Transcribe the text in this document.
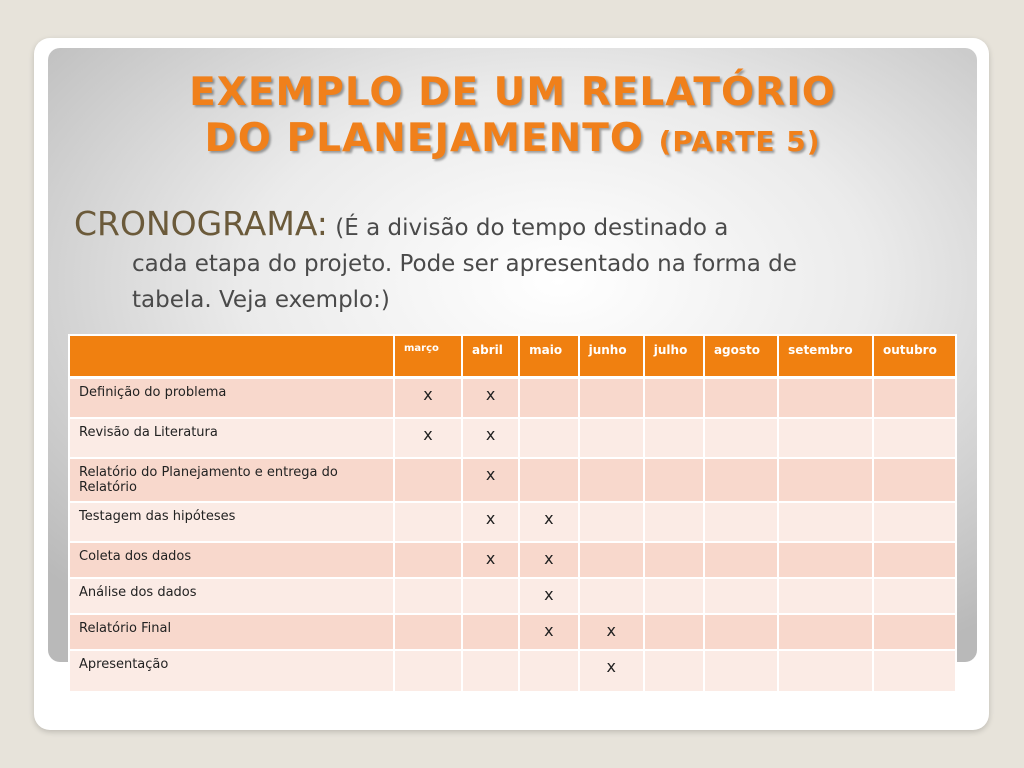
EXEMPLO DE UM RELATÓRIO
DO PLANEJAMENTO (PARTE 5)
CRONOGRAMA: (É a divisão do tempo destinado a
cada etapa do projeto. Pode ser apresentado na forma de
tabela. Veja exemplo:)
	março	abril	maio	junho	julho	agosto	setembro	outubro
Definição do problema	x	x						
Revisão da Literatura	x	x						
Relatório do Planejamento e entrega do Relatório		x						
Testagem das hipóteses		x	x					
Coleta dos dados		x	x					
Análise dos dados			x					
Relatório Final			x	x				
Apresentação				x				
